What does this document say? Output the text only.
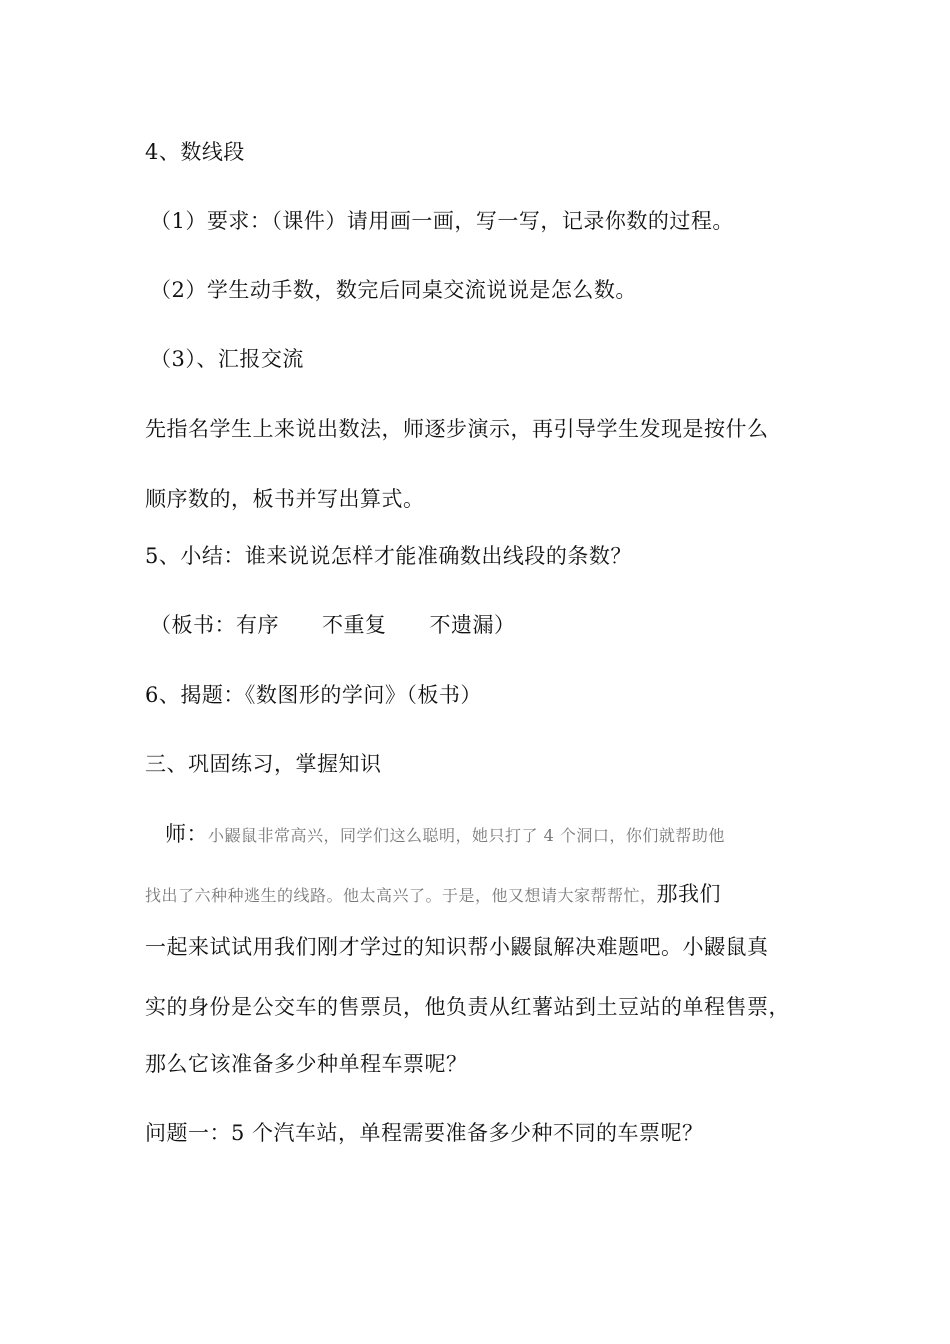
4、数线段
（1）要求：（课件）请用画一画，写一写，记录你数的过程。
（2）学生动手数，数完后同桌交流说说是怎么数。
（3）、汇报交流
先指名学生上来说出数法，师逐步演示，再引导学生发现是按什么
顺序数的，板书并写出算式。
5、小结：谁来说说怎样才能准确数出线段的条数？
（板书：有序　　不重复　　不遗漏）
6、揭题：《数图形的学问》（板书）
三、巩固练习，掌握知识
师：小鼹鼠非常高兴，同学们这么聪明，她只打了 4 个洞口，你们就帮助他
找出了六种种逃生的线路。他太高兴了。于是，他又想请大家帮帮忙，那我们
一起来试试用我们刚才学过的知识帮小鼹鼠解决难题吧。小鼹鼠真
实的身份是公交车的售票员，他负责从红薯站到土豆站的单程售票，
那么它该准备多少种单程车票呢？
问题一：5 个汽车站，单程需要准备多少种不同的车票呢？
